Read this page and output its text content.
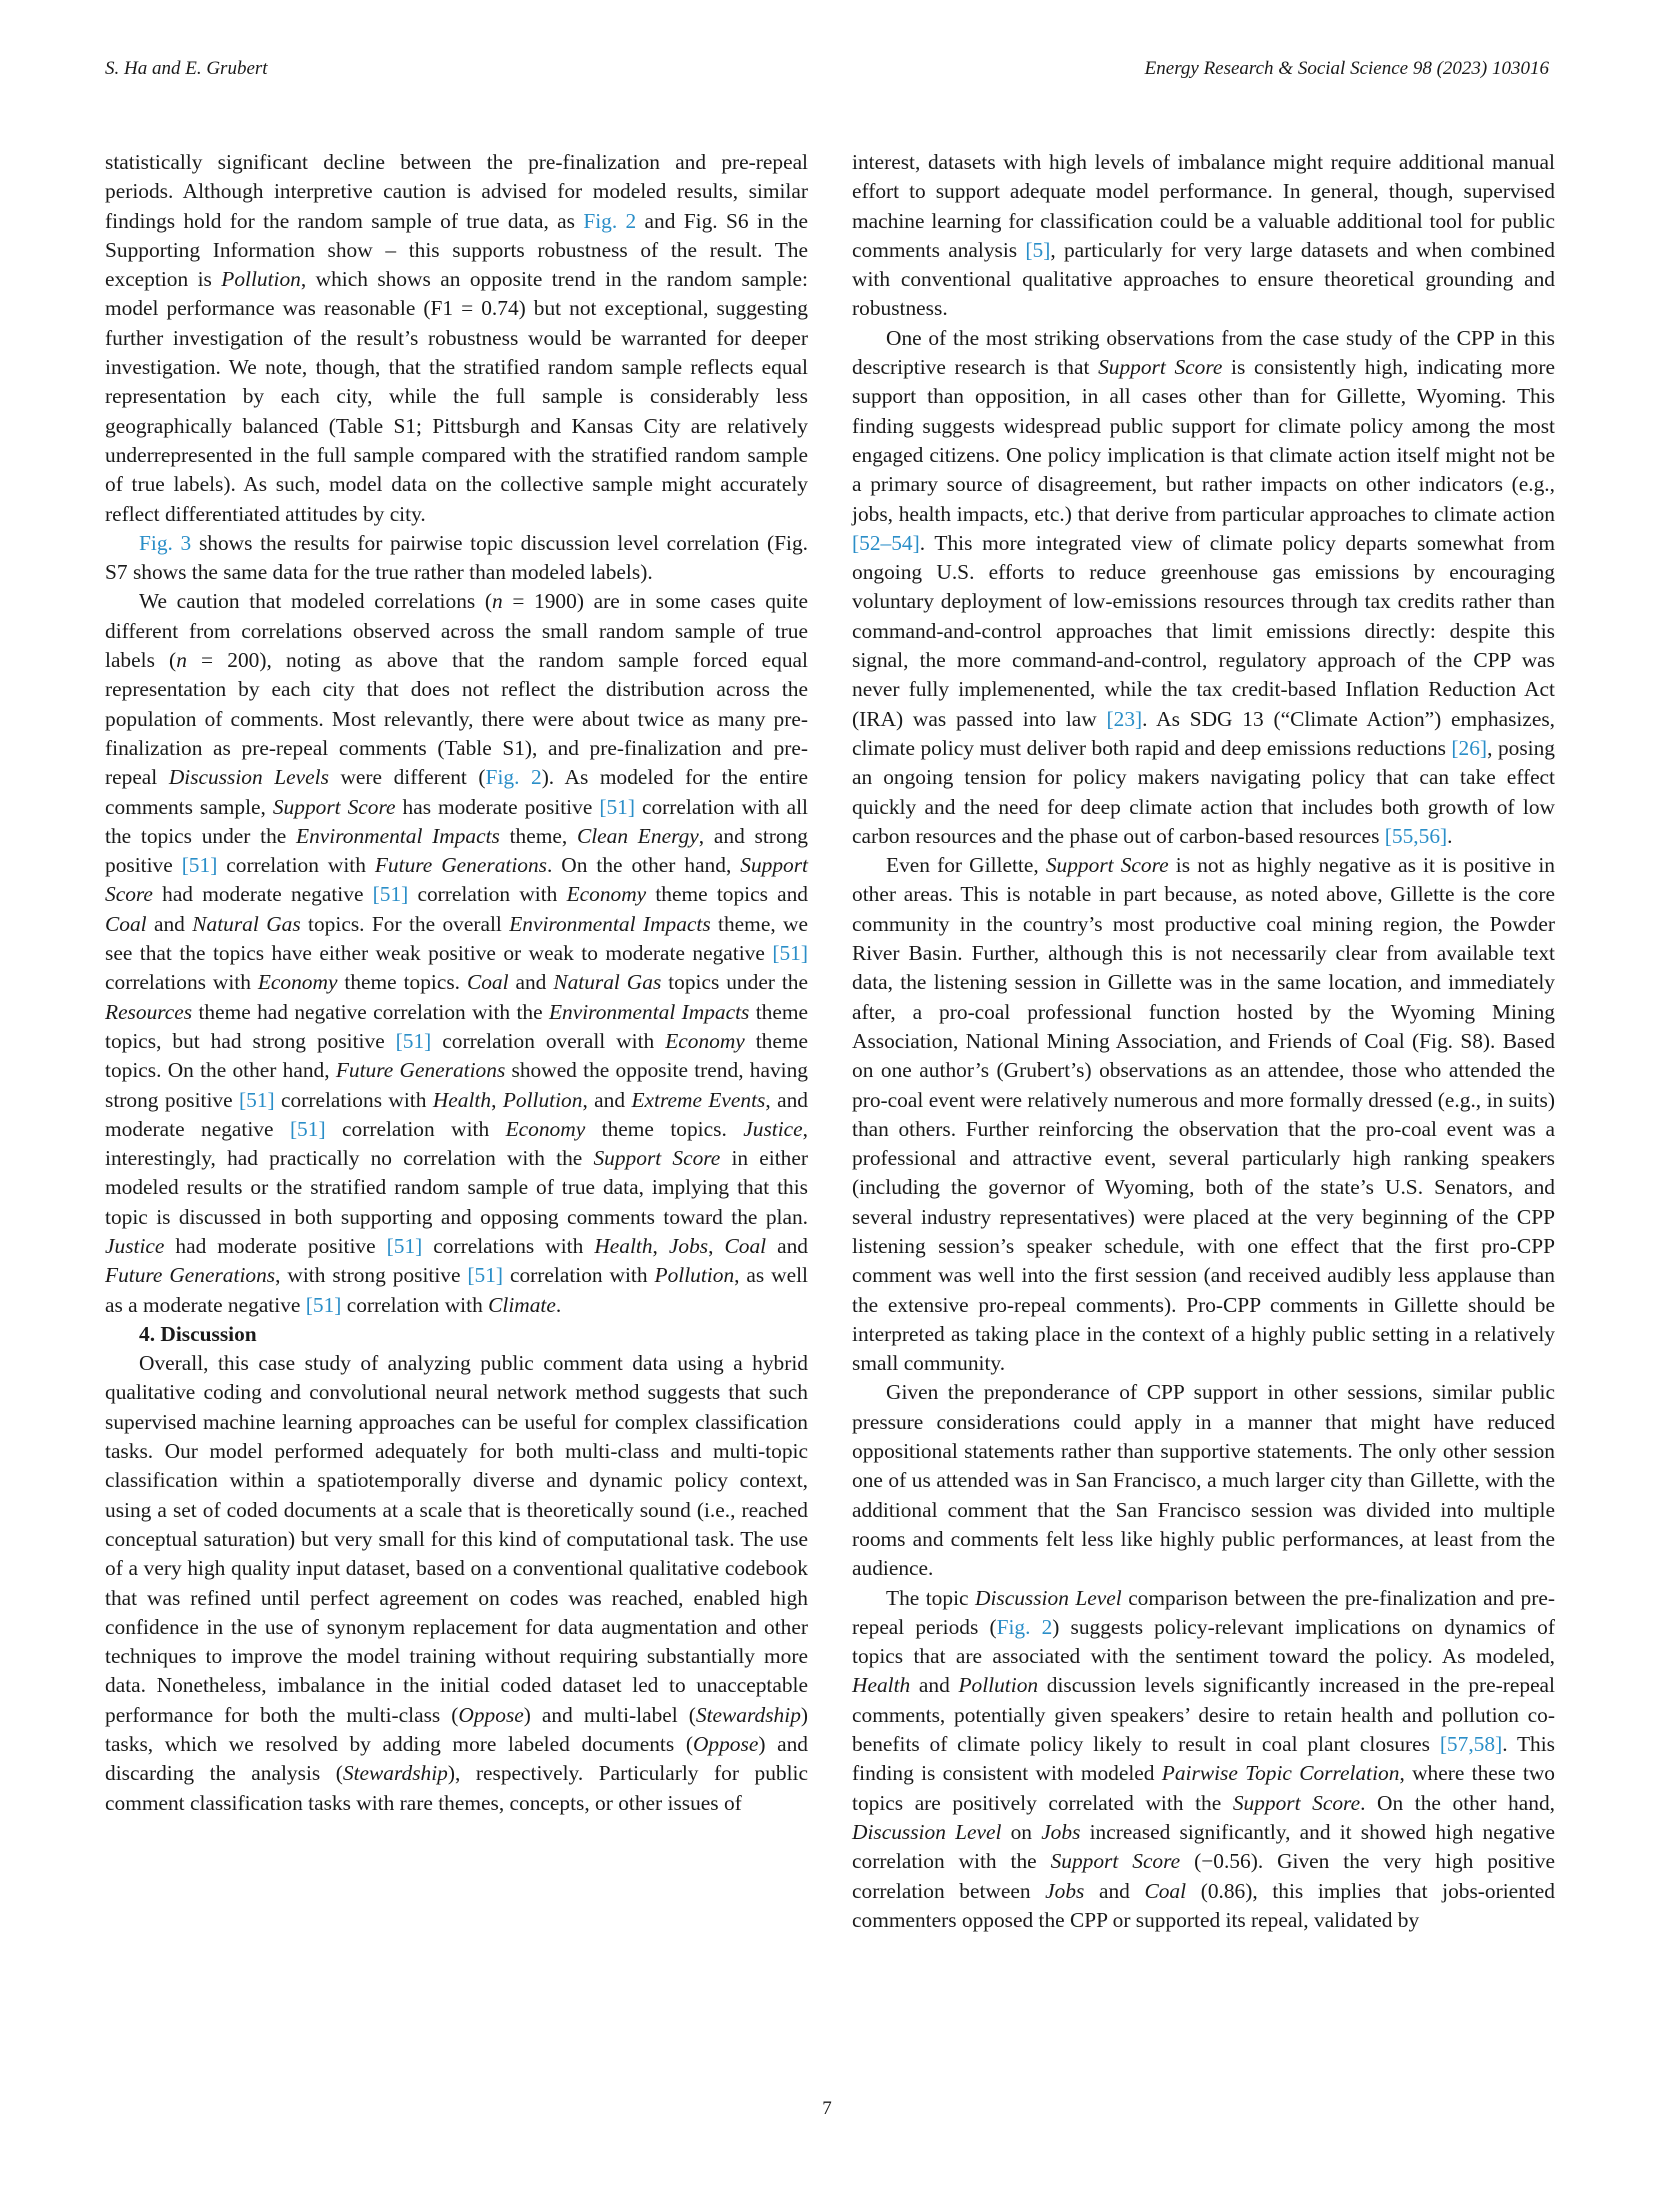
S. Ha and E. Grubert	Energy Research & Social Science 98 (2023) 103016

statistically significant decline between the pre-finalization and pre-repeal periods. Although interpretive caution is advised for modeled results, similar findings hold for the random sample of true data, as Fig. 2 and Fig. S6 in the Supporting Information show – this supports robustness of the result. The exception is Pollution, which shows an opposite trend in the random sample: model performance was reasonable (F1 = 0.74) but not exceptional, suggesting further investigation of the result’s robustness would be warranted for deeper investigation. We note, though, that the stratified random sample reflects equal representation by each city, while the full sample is considerably less geographically balanced (Table S1; Pittsburgh and Kansas City are relatively underrepresented in the full sample compared with the stratified random sample of true labels). As such, model data on the collective sample might accurately reflect differentiated attitudes by city.

Fig. 3 shows the results for pairwise topic discussion level correlation (Fig. S7 shows the same data for the true rather than modeled labels).

We caution that modeled correlations (n = 1900) are in some cases quite different from correlations observed across the small random sample of true labels (n = 200), noting as above that the random sample forced equal representation by each city that does not reflect the distribution across the population of comments. Most relevantly, there were about twice as many pre-finalization as pre-repeal comments (Table S1), and pre-finalization and pre-repeal Discussion Levels were different (Fig. 2). As modeled for the entire comments sample, Support Score has moderate positive [51] correlation with all the topics under the Environmental Impacts theme, Clean Energy, and strong positive [51] correlation with Future Generations. On the other hand, Support Score had moderate negative [51] correlation with Economy theme topics and Coal and Natural Gas topics. For the overall Environmental Impacts theme, we see that the topics have either weak positive or weak to moderate negative [51] correlations with Economy theme topics. Coal and Natural Gas topics under the Resources theme had negative correlation with the Environmental Impacts theme topics, but had strong positive [51] correlation overall with Economy theme topics. On the other hand, Future Generations showed the opposite trend, having strong positive [51] correlations with Health, Pollution, and Extreme Events, and moderate negative [51] correlation with Economy theme topics. Justice, interestingly, had practically no correlation with the Support Score in either modeled results or the stratified random sample of true data, implying that this topic is discussed in both supporting and opposing comments toward the plan. Justice had moderate positive [51] correlations with Health, Jobs, Coal and Future Generations, with strong positive [51] correlation with Pollution, as well as a moderate negative [51] correlation with Climate.

4. Discussion

Overall, this case study of analyzing public comment data using a hybrid qualitative coding and convolutional neural network method suggests that such supervised machine learning approaches can be useful for complex classification tasks. Our model performed adequately for both multi-class and multi-topic classification within a spatiotemporally diverse and dynamic policy context, using a set of coded documents at a scale that is theoretically sound (i.e., reached conceptual saturation) but very small for this kind of computational task. The use of a very high quality input dataset, based on a conventional qualitative codebook that was refined until perfect agreement on codes was reached, enabled high confidence in the use of synonym replacement for data augmentation and other techniques to improve the model training without requiring substantially more data. Nonetheless, imbalance in the initial coded dataset led to unacceptable performance for both the multi-class (Oppose) and multi-label (Stewardship) tasks, which we resolved by adding more labeled documents (Oppose) and discarding the analysis (Stewardship), respectively. Particularly for public comment classification tasks with rare themes, concepts, or other issues of

interest, datasets with high levels of imbalance might require additional manual effort to support adequate model performance. In general, though, supervised machine learning for classification could be a valuable additional tool for public comments analysis [5], particularly for very large datasets and when combined with conventional qualitative approaches to ensure theoretical grounding and robustness.

One of the most striking observations from the case study of the CPP in this descriptive research is that Support Score is consistently high, indicating more support than opposition, in all cases other than for Gillette, Wyoming. This finding suggests widespread public support for climate policy among the most engaged citizens. One policy implication is that climate action itself might not be a primary source of disagreement, but rather impacts on other indicators (e.g., jobs, health impacts, etc.) that derive from particular approaches to climate action [52–54]. This more integrated view of climate policy departs somewhat from ongoing U.S. efforts to reduce greenhouse gas emissions by encouraging voluntary deployment of low-emissions resources through tax credits rather than command-and-control approaches that limit emissions directly: despite this signal, the more command-and-control, regulatory approach of the CPP was never fully implemenented, while the tax credit-based Inflation Reduction Act (IRA) was passed into law [23]. As SDG 13 (“Climate Action”) emphasizes, climate policy must deliver both rapid and deep emissions reductions [26], posing an ongoing tension for policy makers navigating policy that can take effect quickly and the need for deep climate action that includes both growth of low carbon resources and the phase out of carbon-based resources [55,56].

Even for Gillette, Support Score is not as highly negative as it is positive in other areas. This is notable in part because, as noted above, Gillette is the core community in the country’s most productive coal mining region, the Powder River Basin. Further, although this is not necessarily clear from available text data, the listening session in Gillette was in the same location, and immediately after, a pro-coal professional function hosted by the Wyoming Mining Association, National Mining Association, and Friends of Coal (Fig. S8). Based on one author’s (Grubert’s) observations as an attendee, those who attended the pro-coal event were relatively numerous and more formally dressed (e.g., in suits) than others. Further reinforcing the observation that the pro-coal event was a professional and attractive event, several particularly high ranking speakers (including the governor of Wyoming, both of the state’s U.S. Senators, and several industry representatives) were placed at the very beginning of the CPP listening session’s speaker schedule, with one effect that the first pro-CPP comment was well into the first session (and received audibly less applause than the extensive pro-repeal comments). Pro-CPP comments in Gillette should be interpreted as taking place in the context of a highly public setting in a relatively small community.

Given the preponderance of CPP support in other sessions, similar public pressure considerations could apply in a manner that might have reduced oppositional statements rather than supportive statements. The only other session one of us attended was in San Francisco, a much larger city than Gillette, with the additional comment that the San Francisco session was divided into multiple rooms and comments felt less like highly public performances, at least from the audience.

The topic Discussion Level comparison between the pre-finalization and pre-repeal periods (Fig. 2) suggests policy-relevant implications on dynamics of topics that are associated with the sentiment toward the policy. As modeled, Health and Pollution discussion levels significantly increased in the pre-repeal comments, potentially given speakers’ desire to retain health and pollution co-benefits of climate policy likely to result in coal plant closures [57,58]. This finding is consistent with modeled Pairwise Topic Correlation, where these two topics are positively correlated with the Support Score. On the other hand, Discussion Level on Jobs increased significantly, and it showed high negative correlation with the Support Score (−0.56). Given the very high positive correlation between Jobs and Coal (0.86), this implies that jobs-oriented commenters opposed the CPP or supported its repeal, validated by

7
